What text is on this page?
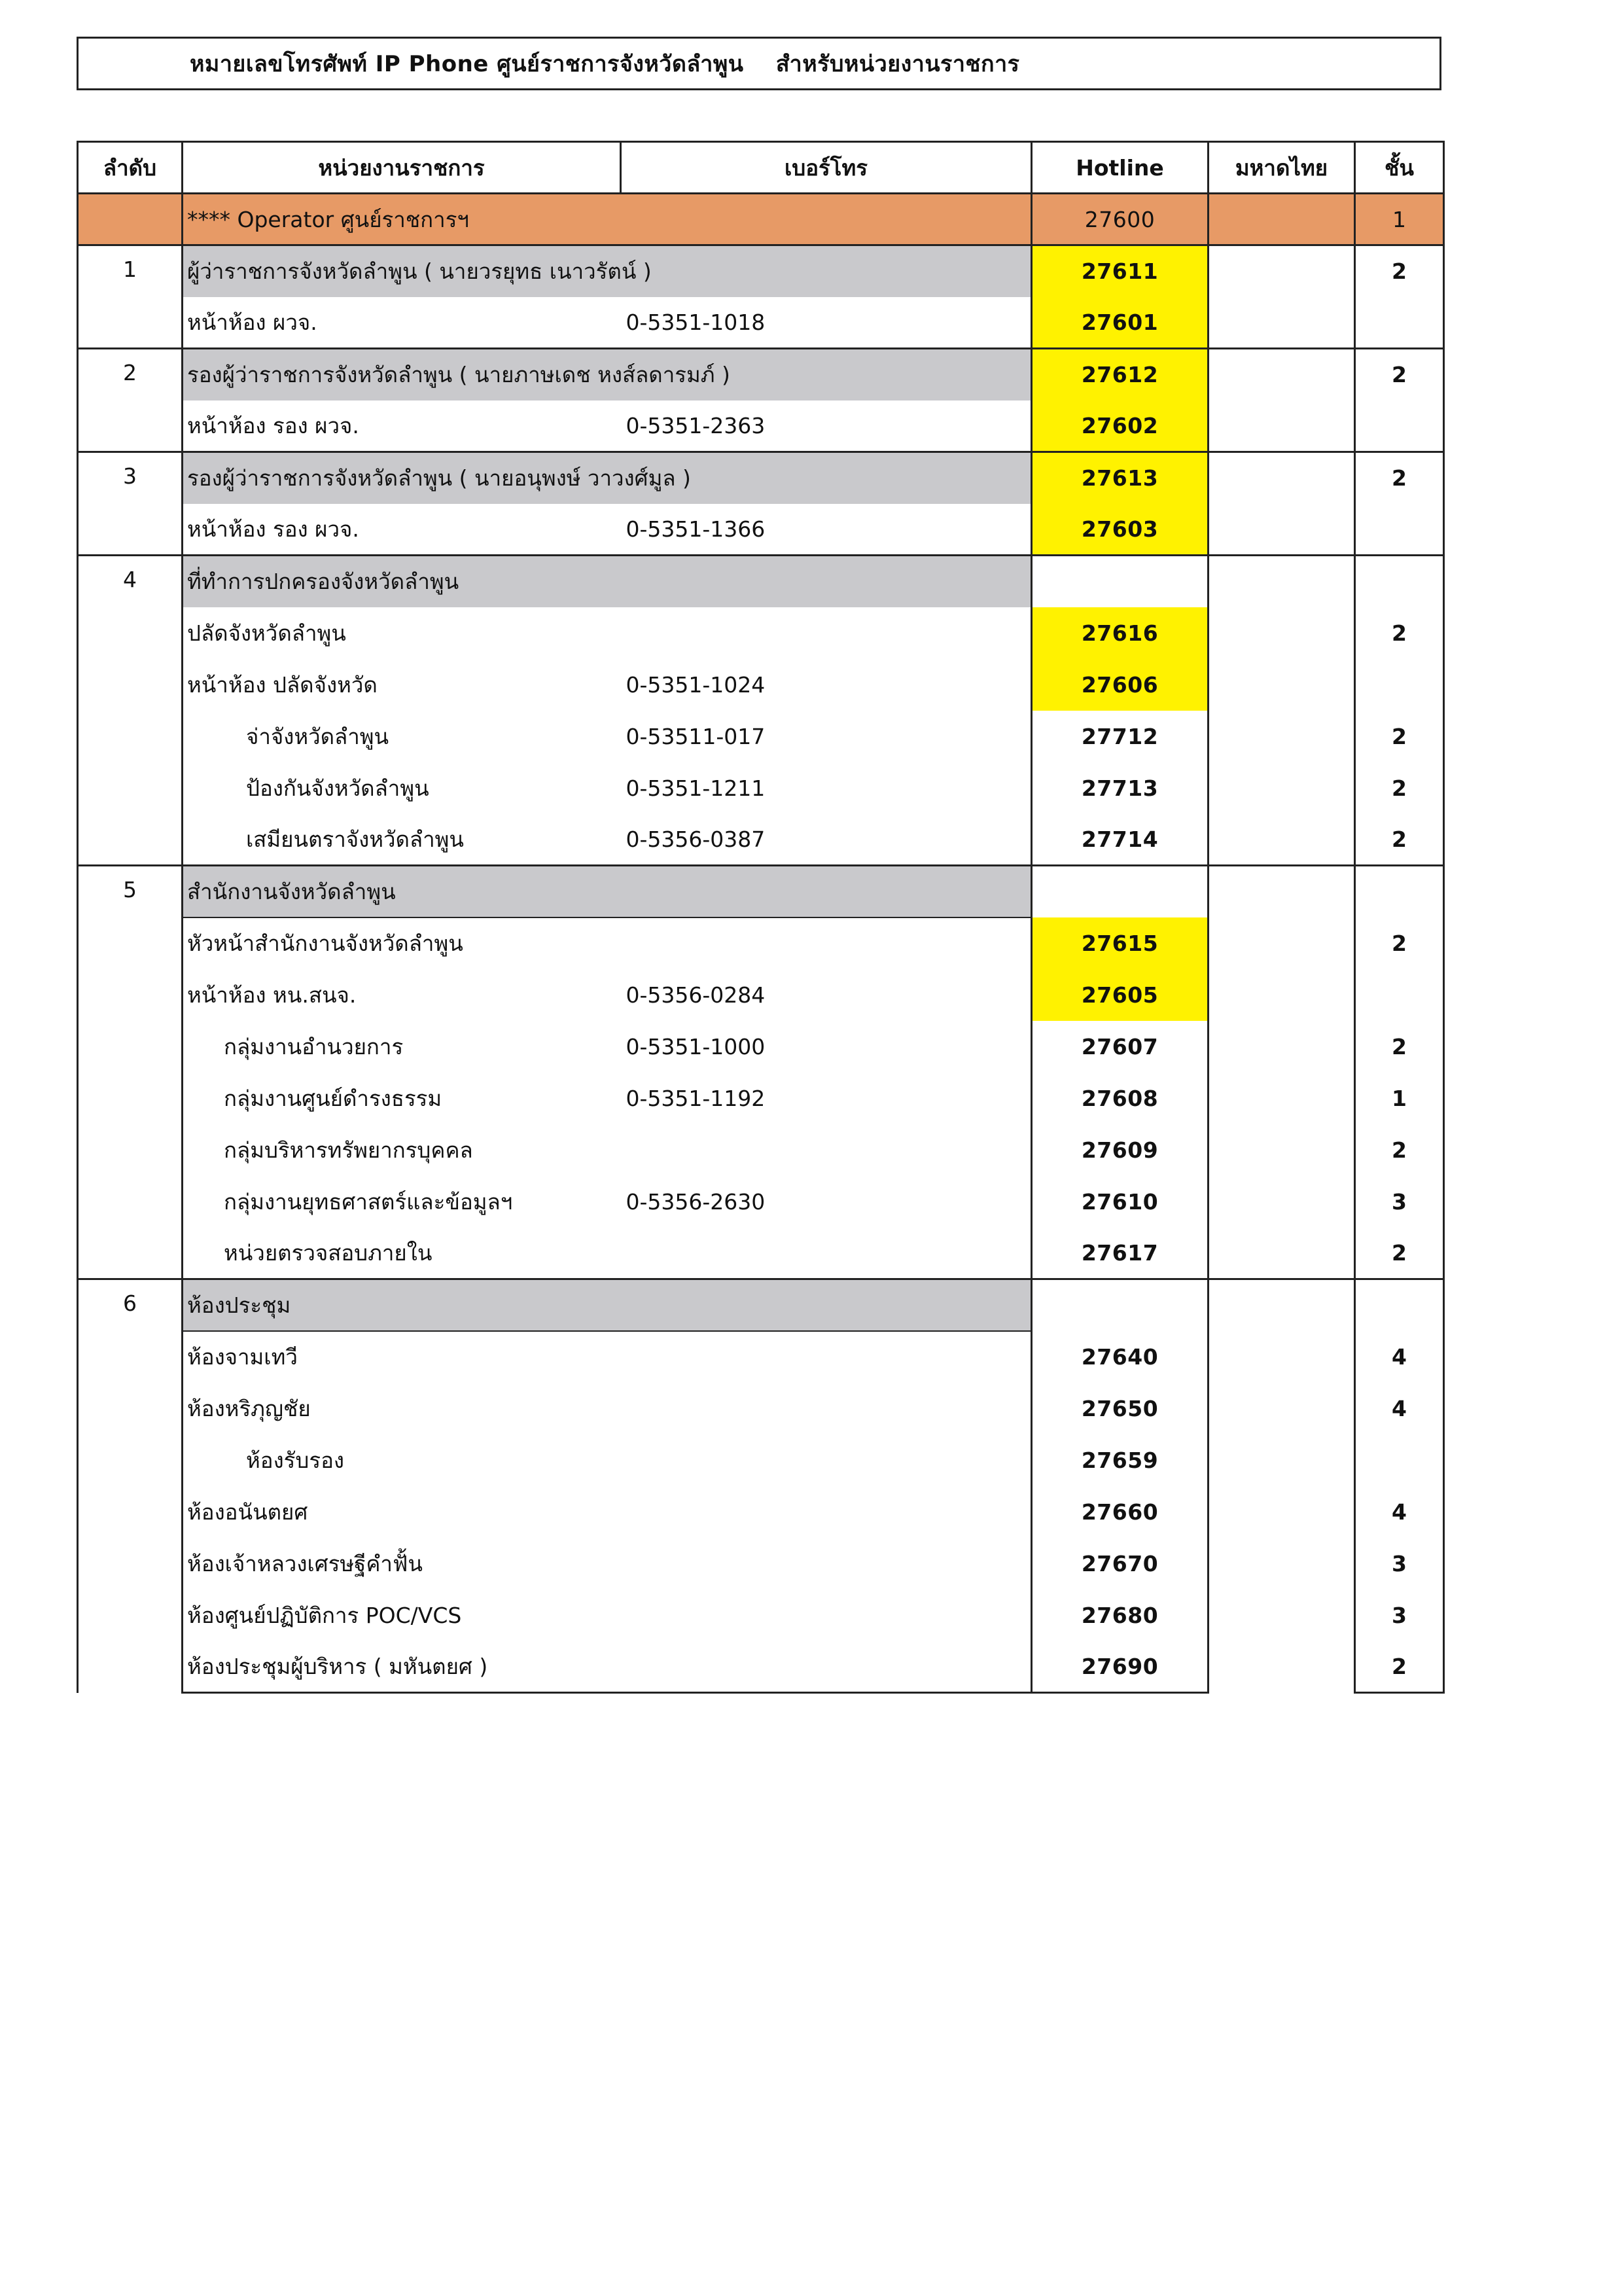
หมายเลขโทรศัพท์ IP Phone ศูนย์ราชการจังหวัดลำพูน    สำหรับหน่วยงานราชการ
ลำดับ	หน่วยงานราชการ	เบอร์โทร	Hotline	มหาดไทย	ชั้น
	**** Operator ศูนย์ราชการฯ		27600		1
1	ผู้ว่าราชการจังหวัดลำพูน ( นายวรยุทธ เนาวรัตน์ )		27611		2
	หน้าห้อง ผวจ.	0-5351-1018	27601		
2	รองผู้ว่าราชการจังหวัดลำพูน ( นายภาษเดช หงส์ลดารมภ์ )		27612		2
	หน้าห้อง รอง ผวจ.	0-5351-2363	27602		
3	รองผู้ว่าราชการจังหวัดลำพูน ( นายอนุพงษ์ วาวงศ์มูล )		27613		2
	หน้าห้อง รอง ผวจ.	0-5351-1366	27603		
4	ที่ทำการปกครองจังหวัดลำพูน				
	ปลัดจังหวัดลำพูน		27616		2
	หน้าห้อง ปลัดจังหวัด	0-5351-1024	27606		
	จ่าจังหวัดลำพูน	0-53511-017	27712		2
	ป้องกันจังหวัดลำพูน	0-5351-1211	27713		2
	เสมียนตราจังหวัดลำพูน	0-5356-0387	27714		2
5	สำนักงานจังหวัดลำพูน				
	หัวหน้าสำนักงานจังหวัดลำพูน		27615		2
	หน้าห้อง หน.สนจ.	0-5356-0284	27605		
	กลุ่มงานอำนวยการ	0-5351-1000	27607		2
	กลุ่มงานศูนย์ดำรงธรรม	0-5351-1192	27608		1
	กลุ่มบริหารทรัพยากรบุคคล		27609		2
	กลุ่มงานยุทธศาสตร์และข้อมูลฯ	0-5356-2630	27610		3
	หน่วยตรวจสอบภายใน		27617		2
6	ห้องประชุม				
	ห้องจามเทวี		27640		4
	ห้องหริภุญชัย		27650		4
	ห้องรับรอง		27659		
	ห้องอนันตยศ		27660		4
	ห้องเจ้าหลวงเศรษฐีคำฟั้น		27670		3
	ห้องศูนย์ปฏิบัติการ POC/VCS		27680		3
	ห้องประชุมผู้บริหาร ( มหันตยศ )		27690		2
